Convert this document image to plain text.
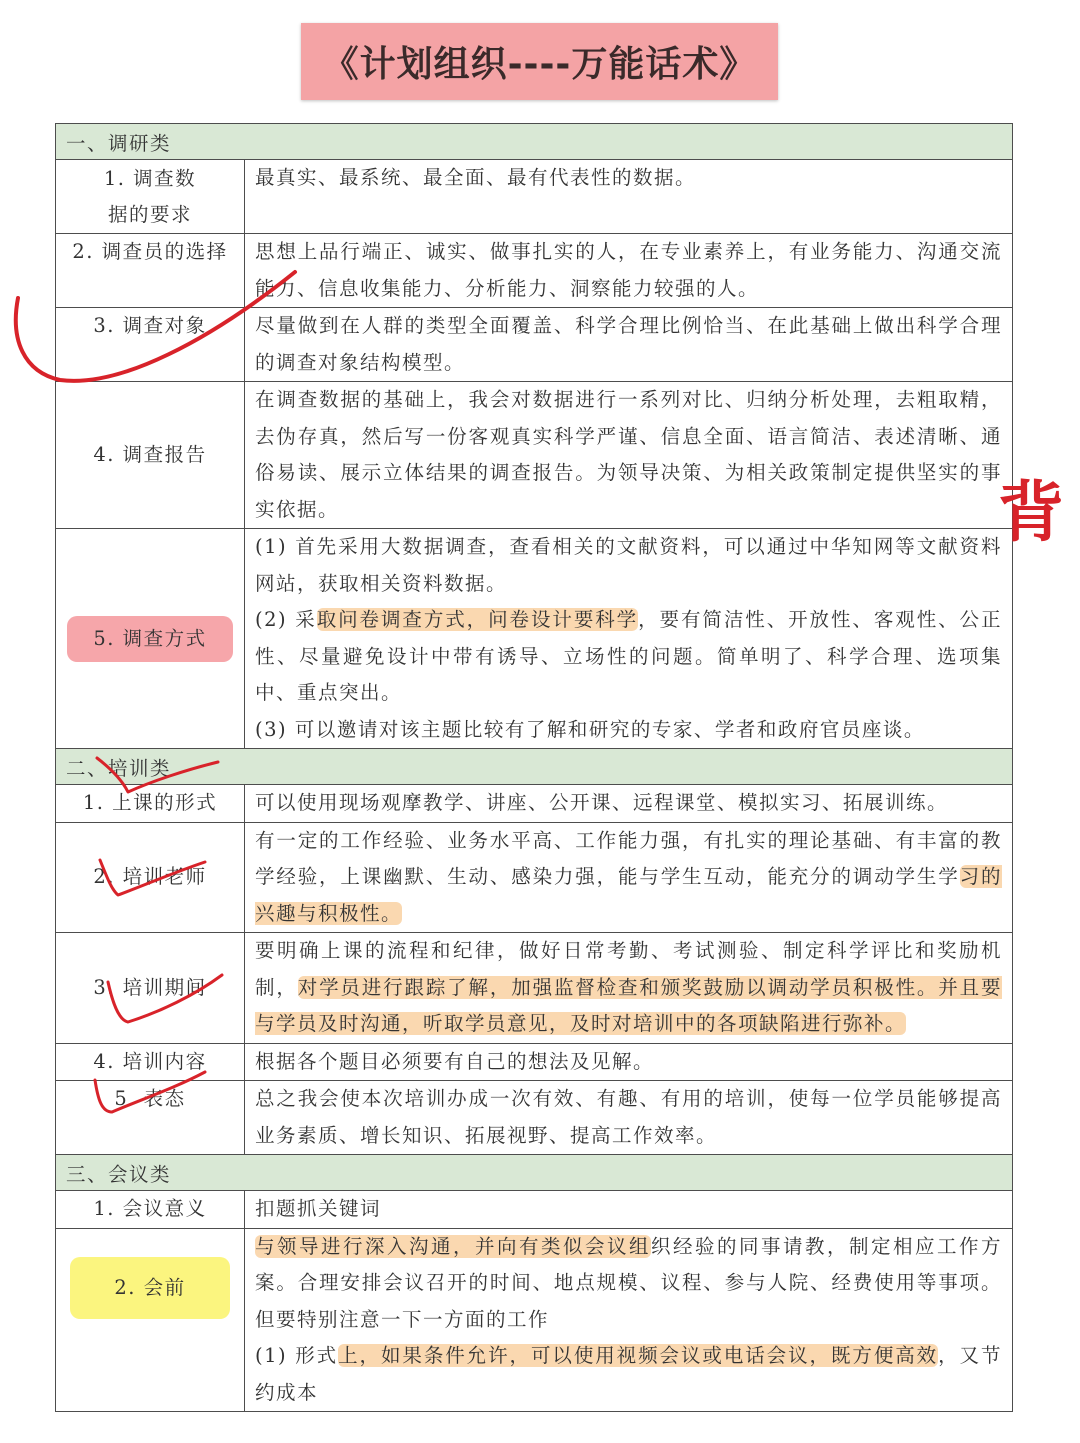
《计划组织----万能话术》
一、调研类	
1. 调查数据的要求	最真实、最系统、最全面、最有代表性的数据。
2. 调查员的选择	思想上品行端正、诚实、做事扎实的人，在专业素养上，有业务能力、沟通交流能力、信息收集能力、分析能力、洞察能力较强的人。
3. 调查对象	尽量做到在人群的类型全面覆盖、科学合理比例恰当、在此基础上做出科学合理的调查对象结构模型。
4. 调查报告	在调查数据的基础上，我会对数据进行一系列对比、归纳分析处理，去粗取精，去伪存真，然后写一份客观真实科学严谨、信息全面、语言简洁、表述清晰、通俗易读、展示立体结果的调查报告。为领导决策、为相关政策制定提供坚实的事实依据。
5. 调查方式	(1) 首先采用大数据调查，查看相关的文献资料，可以通过中华知网等文献资料网站，获取相关资料数据。
(2) 采取问卷调查方式，问卷设计要科学，要有简洁性、开放性、客观性、公正性、尽量避免设计中带有诱导、立场性的问题。简单明了、科学合理、选项集中、重点突出。
(3) 可以邀请对该主题比较有了解和研究的专家、学者和政府官员座谈。

二、培训类	
1. 上课的形式	可以使用现场观摩教学、讲座、公开课、远程课堂、模拟实习、拓展训练。
2. 培训老师	有一定的工作经验、业务水平高、工作能力强，有扎实的理论基础、有丰富的教学经验，上课幽默、生动、感染力强，能与学生互动，能充分的调动学生学习的兴趣与积极性。
3. 培训期间	要明确上课的流程和纪律，做好日常考勤、考试测验、制定科学评比和奖励机制，对学员进行跟踪了解，加强监督检查和颁奖鼓励以调动学员积极性。并且要与学员及时沟通，听取学员意见，及时对培训中的各项缺陷进行弥补。
4. 培训内容	根据各个题目必须要有自己的想法及见解。
5. 表态	总之我会使本次培训办成一次有效、有趣、有用的培训，使每一位学员能够提高业务素质、增长知识、拓展视野、提高工作效率。
三、会议类	
1. 会议意义	扣题抓关键词
2. 会前	与领导进行深入沟通，并向有类似会议组织经验的同事请教，制定相应工作方案。合理安排会议召开的时间、地点规模、议程、参与人院、经费使用等事项。但要特别注意一下一方面的工作
(1) 形式上，如果条件允许，可以使用视频会议或电话会议，既方便高效，又节约成本
背
